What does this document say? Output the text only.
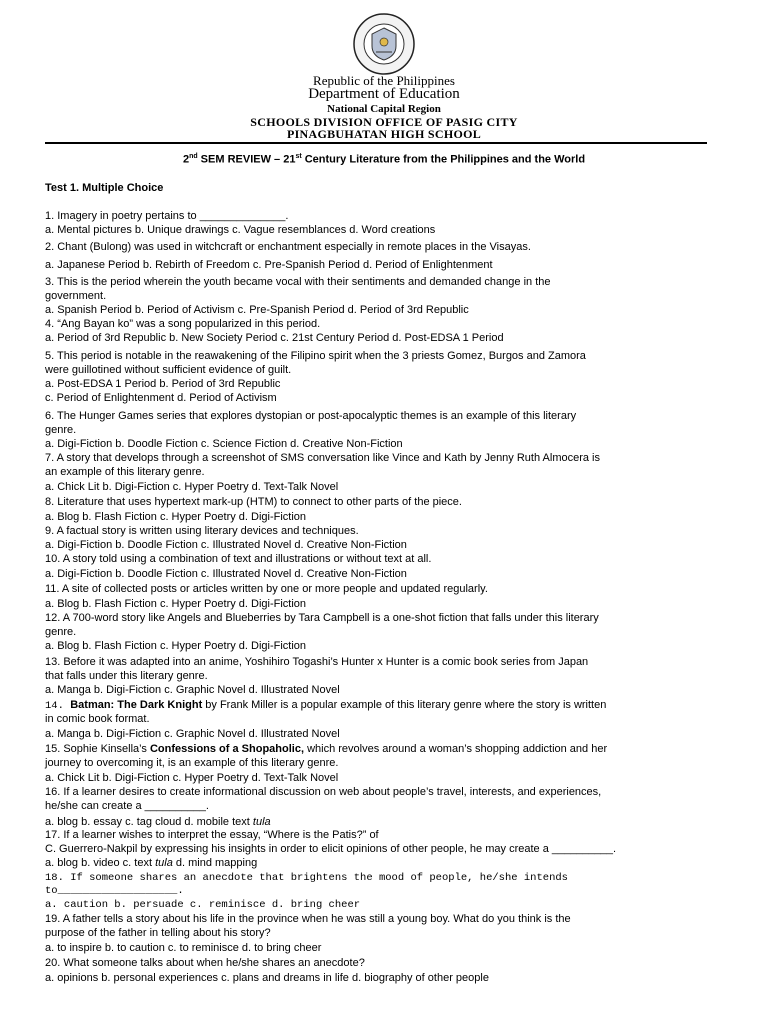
Republic of the Philippines
Department of Education
National Capital Region
SCHOOLS DIVISION OFFICE OF PASIG CITY
PINAGBUHATAN HIGH SCHOOL
2nd SEM REVIEW – 21st Century Literature from the Philippines and the World
Test 1. Multiple Choice
1. Imagery in poetry pertains to ______________.
a. Mental pictures b. Unique drawings c. Vague resemblances d. Word creations
2. Chant (Bulong) was used in witchcraft or enchantment especially in remote places in the Visayas.
a. Japanese Period b. Rebirth of Freedom c. Pre-Spanish Period d. Period of Enlightenment
3. This is the period wherein the youth became vocal with their sentiments and demanded change in the
government.
a. Spanish Period b. Period of Activism c. Pre-Spanish Period d. Period of 3rd Republic
4. “Ang Bayan ko” was a song popularized in this period.
a. Period of 3rd Republic b. New Society Period c. 21st Century Period d. Post-EDSA 1 Period
5. This period is notable in the reawakening of the Filipino spirit when the 3 priests Gomez, Burgos and Zamora
were guillotined without sufficient evidence of guilt.
a. Post-EDSA 1 Period b. Period of 3rd Republic
c. Period of Enlightenment d. Period of Activism
6. The Hunger Games series that explores dystopian or post-apocalyptic themes is an example of this literary
genre.
a. Digi-Fiction b. Doodle Fiction c. Science Fiction d. Creative Non-Fiction
7. A story that develops through a screenshot of SMS conversation like Vince and Kath by Jenny Ruth Almocera is
an example of this literary genre.
a. Chick Lit b. Digi-Fiction c. Hyper Poetry d. Text-Talk Novel
8. Literature that uses hypertext mark-up (HTM) to connect to other parts of the piece.
a. Blog b. Flash Fiction c. Hyper Poetry d. Digi-Fiction
9. A factual story is written using literary devices and techniques.
a. Digi-Fiction b. Doodle Fiction c. Illustrated Novel d. Creative Non-Fiction
10. A story told using a combination of text and illustrations or without text at all.
a. Digi-Fiction b. Doodle Fiction c. Illustrated Novel d. Creative Non-Fiction
11. A site of collected posts or articles written by one or more people and updated regularly.
a. Blog b. Flash Fiction c. Hyper Poetry d. Digi-Fiction
12. A 700-word story like Angels and Blueberries by Tara Campbell is a one-shot fiction that falls under this literary
genre.
a. Blog b. Flash Fiction c. Hyper Poetry d. Digi-Fiction
13. Before it was adapted into an anime, Yoshihiro Togashi’s Hunter x Hunter is a comic book series from Japan
that falls under this literary genre.
a. Manga b. Digi-Fiction c. Graphic Novel d. Illustrated Novel
14. Batman: The Dark Knight by Frank Miller is a popular example of this literary genre where the story is written
in comic book format.
a. Manga b. Digi-Fiction c. Graphic Novel d. Illustrated Novel
15. Sophie Kinsella’s Confessions of a Shopaholic, which revolves around a woman’s shopping addiction and her
journey to overcoming it, is an example of this literary genre.
a. Chick Lit b. Digi-Fiction c. Hyper Poetry d. Text-Talk Novel
16. If a learner desires to create informational discussion on web about people’s travel, interests, and experiences,
he/she can create a __________.
a. blog b. essay c. tag cloud d. mobile text tula
17. If a learner wishes to interpret the essay, “Where is the Patis?” of
C. Guerrero-Nakpil by expressing his insights in order to elicit opinions of other people, he may create a __________.
a. blog b. video c. text tula d. mind mapping
18. If someone shares an anecdote that brightens the mood of people, he/she intends
to___________________.
a. caution b. persuade c. reminisce d. bring cheer
19. A father tells a story about his life in the province when he was still a young boy. What do you think is the
purpose of the father in telling about his story?
a. to inspire b. to caution c. to reminisce d. to bring cheer
20. What someone talks about when he/she shares an anecdote?
a. opinions b. personal experiences c. plans and dreams in life d. biography of other people
